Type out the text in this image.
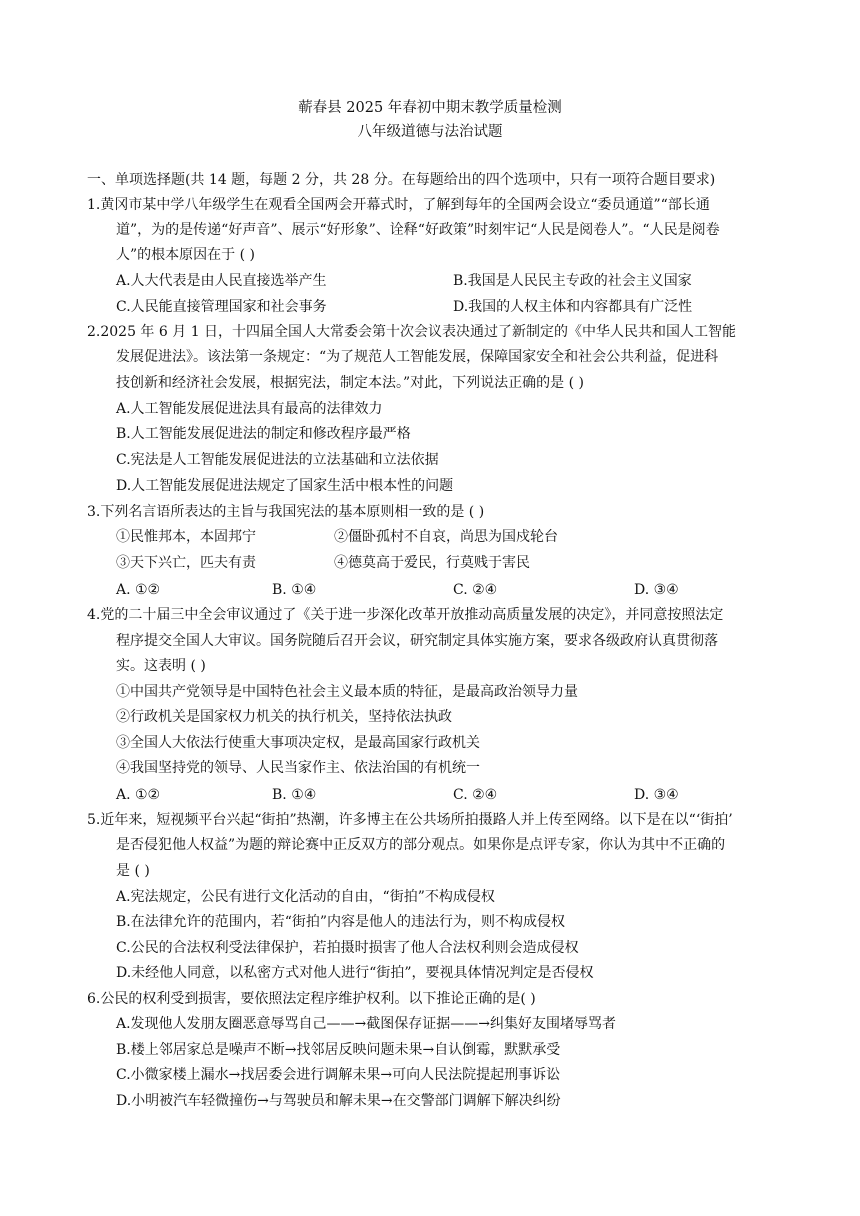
蕲春县 2025 年春初中期末教学质量检测
八年级道德与法治试题
一、单项选择题(共 14 题，每题 2 分，共 28 分。在每题给出的四个选项中，只有一项符合题目要求)
1.黄冈市某中学八年级学生在观看全国两会开幕式时，了解到每年的全国两会设立“委员通道”“部长通
道”，为的是传递“好声音”、展示“好形象”、诠释“好政策”时刻牢记“人民是阅卷人”。“人民是阅卷
人”的根本原因在于 ( )
A.人大代表是由人民直接选举产生	B.我国是人民民主专政的社会主义国家
C.人民能直接管理国家和社会事务	D.我国的人权主体和内容都具有广泛性
2.2025 年 6 月 1 日，十四届全国人大常委会第十次会议表决通过了新制定的《中华人民共和国人工智能
发展促进法》。该法第一条规定：“为了规范人工智能发展，保障国家安全和社会公共利益，促进科
技创新和经济社会发展，根据宪法，制定本法。”对此，下列说法正确的是 ( )
A.人工智能发展促进法具有最高的法律效力
B.人工智能发展促进法的制定和修改程序最严格
C.宪法是人工智能发展促进法的立法基础和立法依据
D.人工智能发展促进法规定了国家生活中根本性的问题
3.下列名言语所表达的主旨与我国宪法的基本原则相一致的是 ( )
①民惟邦本，本固邦宁	②僵卧孤村不自哀，尚思为国戍轮台
③天下兴亡，匹夫有责	④德莫高于爱民，行莫贱于害民
A. ①②	B. ①④	C. ②④	D. ③④
4.党的二十届三中全会审议通过了《关于进一步深化改革开放推动高质量发展的决定》，并同意按照法定
程序提交全国人大审议。国务院随后召开会议，研究制定具体实施方案，要求各级政府认真贯彻落
实。这表明 ( )
①中国共产党领导是中国特色社会主义最本质的特征，是最高政治领导力量
②行政机关是国家权力机关的执行机关，坚持依法执政
③全国人大依法行使重大事项决定权，是最高国家行政机关
④我国坚持党的领导、人民当家作主、依法治国的有机统一
A. ①②	B. ①④	C. ②④	D. ③④
5.近年来，短视频平台兴起“街拍”热潮，许多博主在公共场所拍摄路人并上传至网络。以下是在以“‘街拍’
是否侵犯他人权益”为题的辩论赛中正反双方的部分观点。如果你是点评专家，你认为其中不正确的
是 ( )
A.宪法规定，公民有进行文化活动的自由，“街拍”不构成侵权
B.在法律允许的范围内，若“街拍”内容是他人的违法行为，则不构成侵权
C.公民的合法权利受法律保护，若拍摄时损害了他人合法权利则会造成侵权
D.未经他人同意，以私密方式对他人进行“街拍”，要视具体情况判定是否侵权
6.公民的权利受到损害，要依照法定程序维护权利。以下推论正确的是( )
A.发现他人发朋友圈恶意辱骂自己——→截图保存证据——→纠集好友围堵辱骂者
B.楼上邻居家总是噪声不断→找邻居反映问题未果→自认倒霉，默默承受
C.小微家楼上漏水→找居委会进行调解未果→可向人民法院提起刑事诉讼
D.小明被汽车轻微撞伤→与驾驶员和解未果→在交警部门调解下解决纠纷
